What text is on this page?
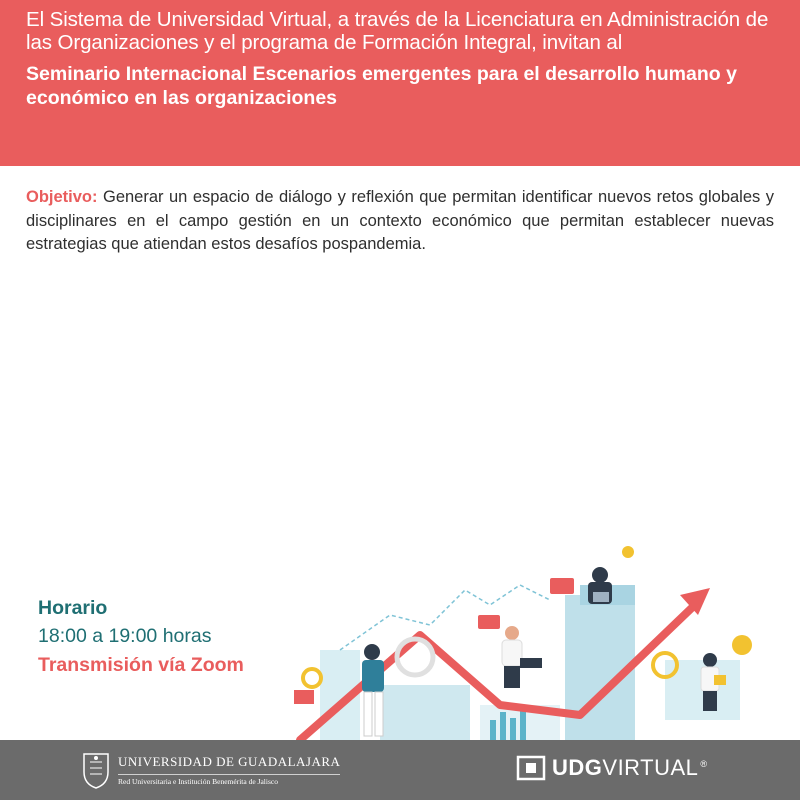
El Sistema de Universidad Virtual, a través de la Licenciatura en Administración de las Organizaciones y el programa de Formación Integral, invitan al

Seminario Internacional Escenarios emergentes para el desarrollo humano y económico en las organizaciones

Objetivo: Generar un espacio de diálogo y reflexión que permitan identificar nuevos retos globales y disciplinares en el campo gestión en un contexto económico que permitan establecer nuevas estrategias que atiendan estos desafíos pospandemia.

Horario
18:00 a 19:00 horas
Transmisión vía Zoom
UNIVERSIDAD DE GUADALAJARA
Red Universitaria e Institución Benemérita de Jalisco
UDGVIRTUAL ®
